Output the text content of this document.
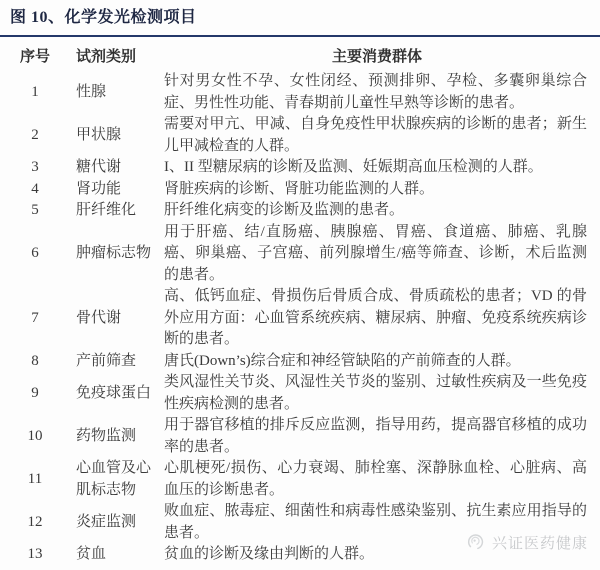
图 10、化学发光检测项目
序号	试剂类别	主要消费群体
1	性腺	针对男女性不孕、女性闭经、预测排卵、孕检、多囊卵巢综合症、男性性功能、青春期前儿童性早熟等诊断的患者。
2	甲状腺	需要对甲亢、甲减、自身免疫性甲状腺疾病的诊断的患者；新生儿甲减检查的人群。
3	糖代谢	I、II 型糖尿病的诊断及监测、妊娠期高血压检测的人群。
4	肾功能	肾脏疾病的诊断、肾脏功能监测的人群。
5	肝纤维化	肝纤维化病变的诊断及监测的患者。
6	肿瘤标志物	用于肝癌、结/直肠癌、胰腺癌、胃癌、食道癌、肺癌、乳腺癌、卵巢癌、子宫癌、前列腺增生/癌等筛查、诊断，术后监测的患者。
7	骨代谢	高、低钙血症、骨损伤后骨质合成、骨质疏松的患者；VD 的骨外应用方面：心血管系统疾病、糖尿病、肿瘤、免疫系统疾病诊断的患者。
8	产前筛查	唐氏(Down’s)综合症和神经管缺陷的产前筛查的人群。
9	免疫球蛋白	类风湿性关节炎、风湿性关节炎的鉴别、过敏性疾病及一些免疫性疾病检测的患者。
10	药物监测	用于器官移植的排斥反应监测，指导用药，提高器官移植的成功率的患者。
11	心血管及心肌标志物	心肌梗死/损伤、心力衰竭、肺栓塞、深静脉血栓、心脏病、高血压的诊断患者。
12	炎症监测	败血症、脓毒症、细菌性和病毒性感染鉴别、抗生素应用指导的患者。
13	贫血	贫血的诊断及缘由判断的人群。
兴证医药健康
